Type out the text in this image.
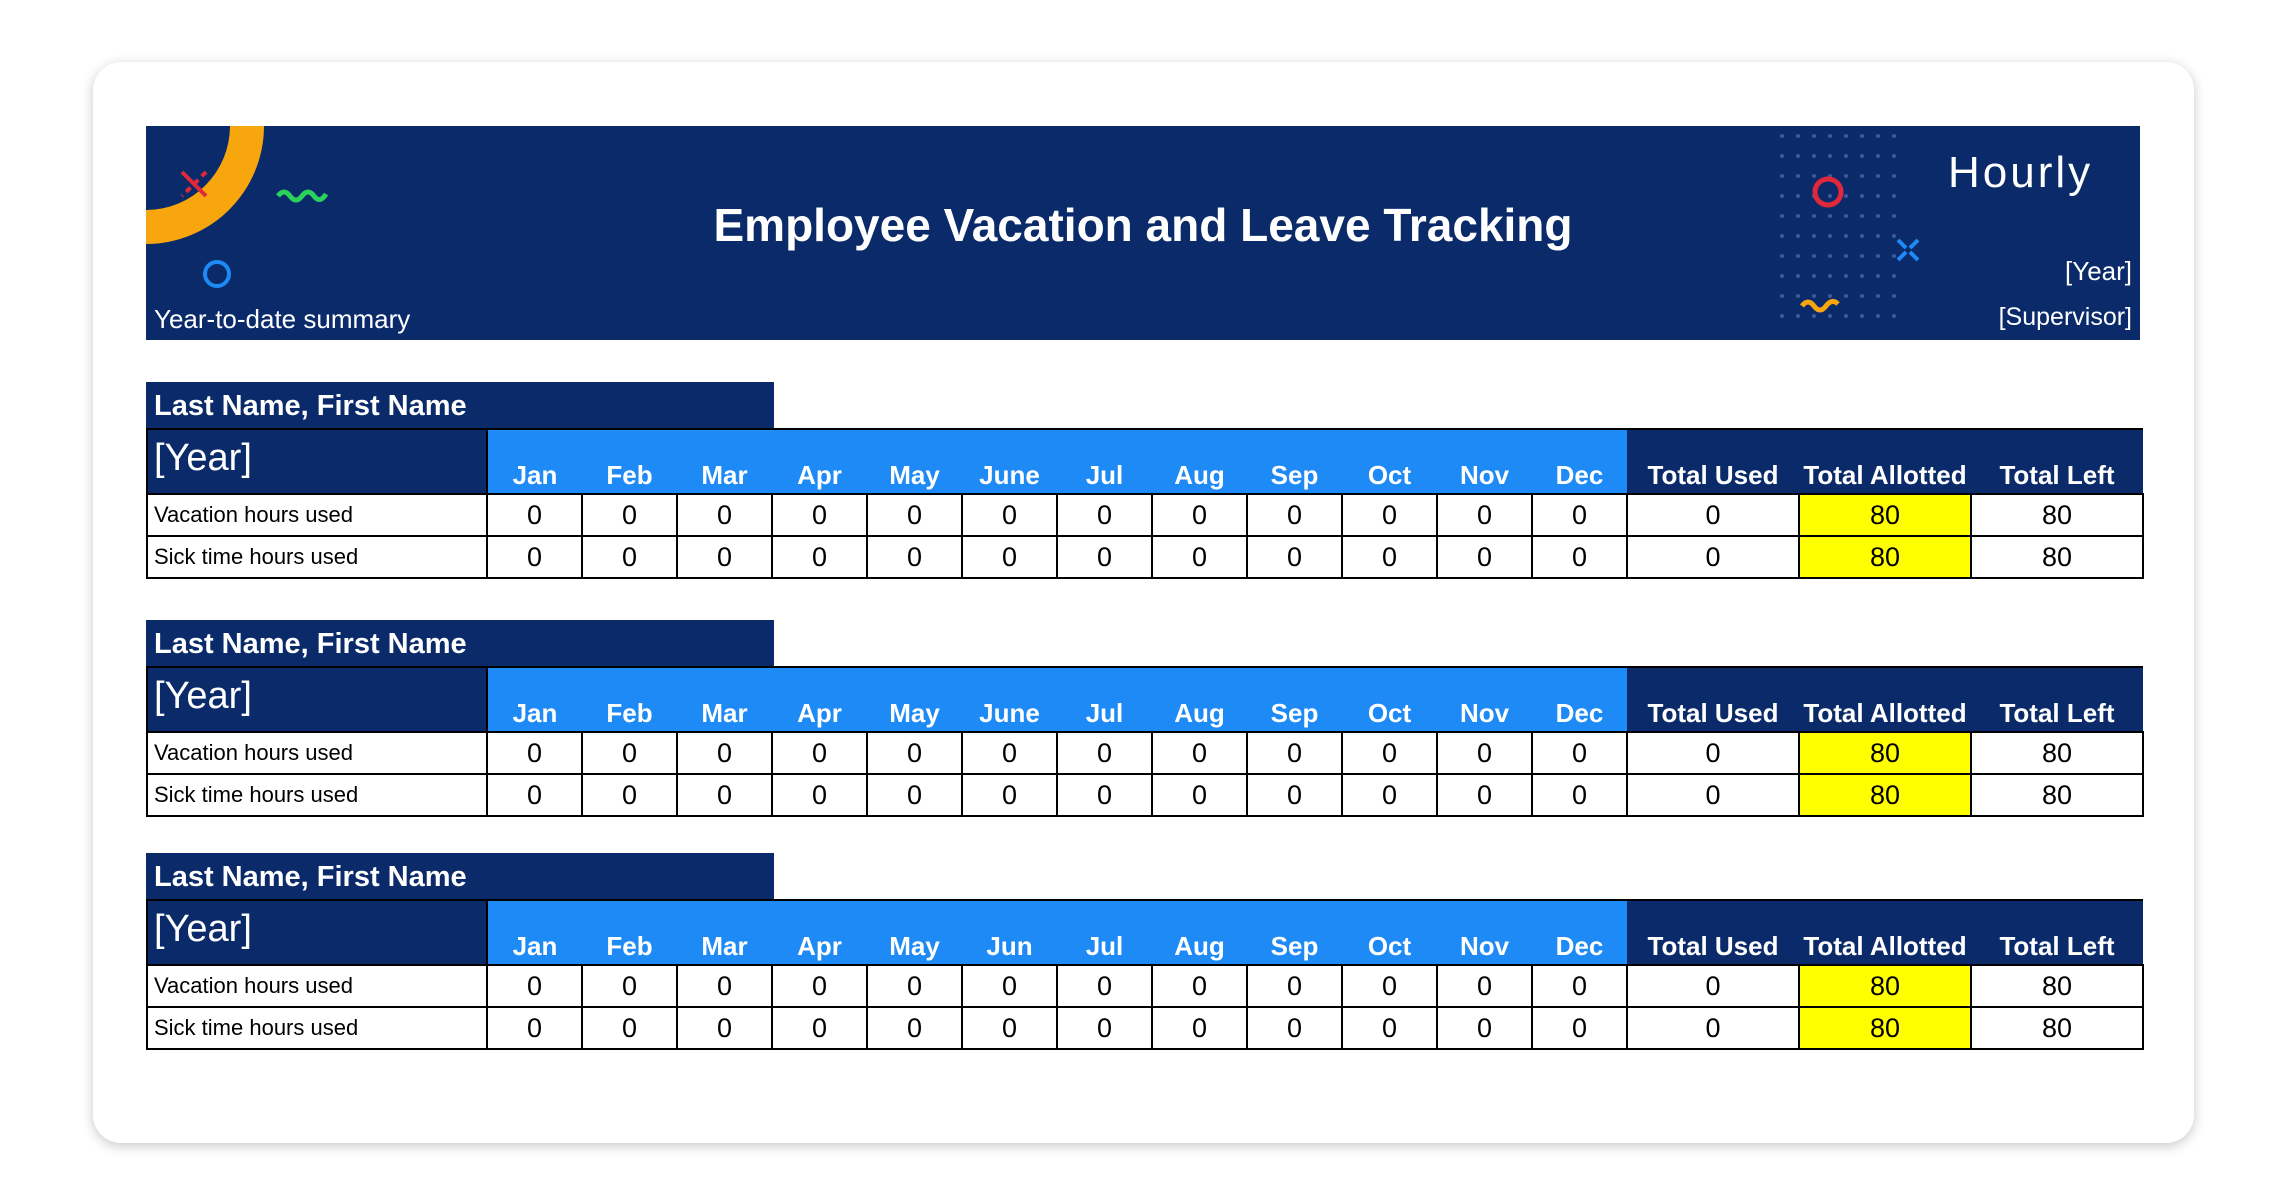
Employee Vacation and Leave Tracking
Year-to-date summary
Hourly
[Year]
[Supervisor]
Last Name, First Name
[Year]	Jan	Feb	Mar	Apr	May	June	Jul	Aug	Sep	Oct	Nov	Dec	Total Used	Total Allotted	Total Left
Vacation hours used	0	0	0	0	0	0	0	0	0	0	0	0	0	80	80
Sick time hours used	0	0	0	0	0	0	0	0	0	0	0	0	0	80	80
Last Name, First Name
[Year]	Jan	Feb	Mar	Apr	May	June	Jul	Aug	Sep	Oct	Nov	Dec	Total Used	Total Allotted	Total Left
Vacation hours used	0	0	0	0	0	0	0	0	0	0	0	0	0	80	80
Sick time hours used	0	0	0	0	0	0	0	0	0	0	0	0	0	80	80
Last Name, First Name
[Year]	Jan	Feb	Mar	Apr	May	Jun	Jul	Aug	Sep	Oct	Nov	Dec	Total Used	Total Allotted	Total Left
Vacation hours used	0	0	0	0	0	0	0	0	0	0	0	0	0	80	80
Sick time hours used	0	0	0	0	0	0	0	0	0	0	0	0	0	80	80
